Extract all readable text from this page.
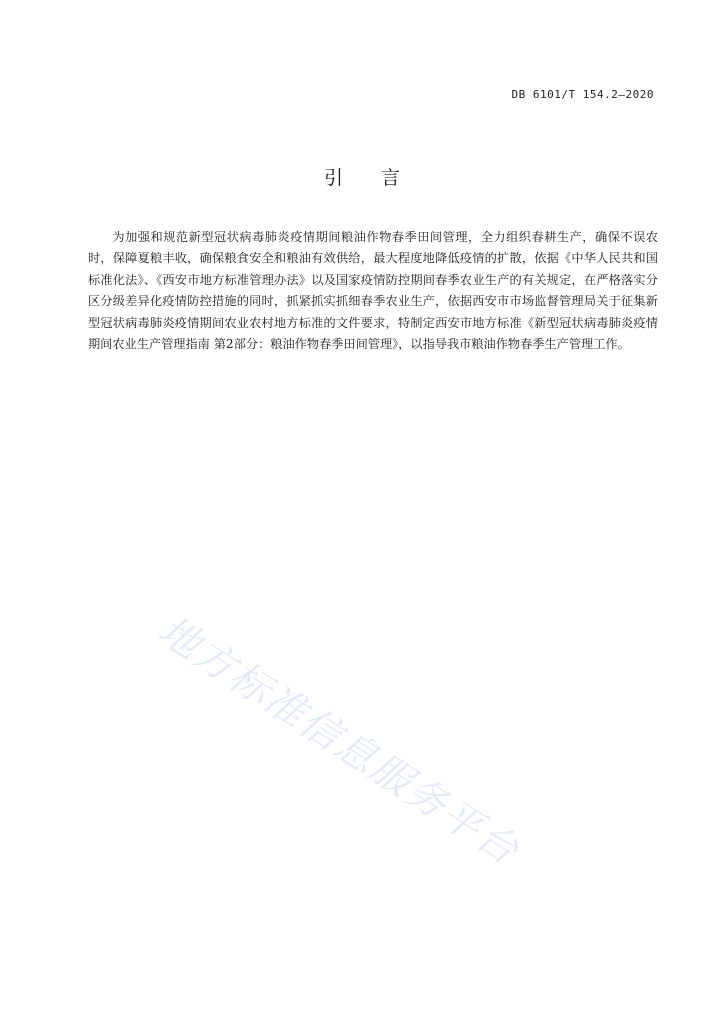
DB 6101/T 154.2—2020
引 言

为加强和规范新型冠状病毒肺炎疫情期间粮油作物春季田间管理，全力组织春耕生产，确保不误农时，保障夏粮丰收，确保粮食安全和粮油有效供给，最大程度地降低疫情的扩散，依据《中华人民共和国标准化法》、《西安市地方标准管理办法》以及国家疫情防控期间春季农业生产的有关规定，在严格落实分区分级差异化疫情防控措施的同时，抓紧抓实抓细春季农业生产，依据西安市市场监督管理局关于征集新型冠状病毒肺炎疫情期间农业农村地方标准的文件要求，特制定西安市地方标准《新型冠状病毒肺炎疫情期间农业生产管理指南 第2部分：粮油作物春季田间管理》，以指导我市粮油作物春季生产管理工作。

地方标准信息服务平台
